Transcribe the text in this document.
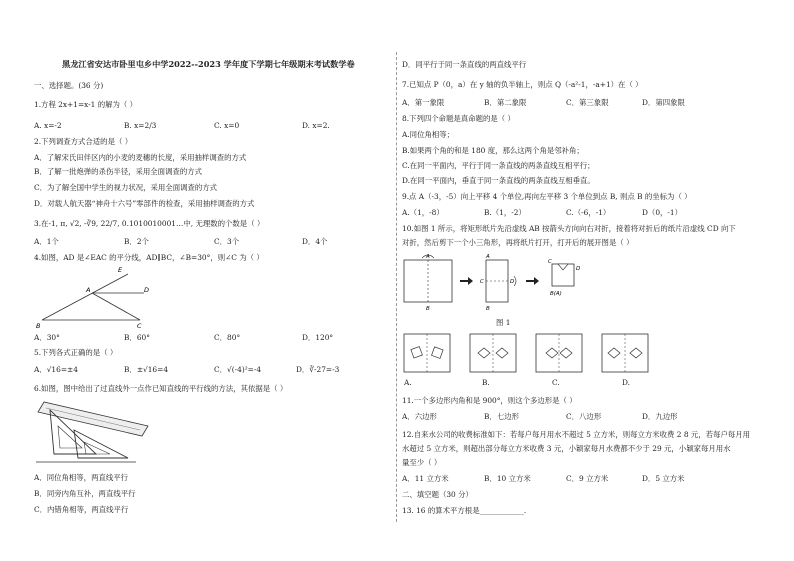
黑龙江省安达市卧里屯乡中学2022--2023 学年度下学期七年级期末考试数学卷
一、选择题。(36 分)
1.方程 2x+1=x-1 的解为（ ）
A. x=-2	B. x=2/3	C. x=0	D. x=2.
2.下列调查方式合适的是（ ）
A．了解宋氏田伴区内的小麦的麦穗的长度，采用抽样调查的方式
B．了解一批炮弹的杀伤半径，采用全面调查的方式
C．为了解全国中学生的视力状况，采用全面调查的方式
D．对载人航天器“神舟十六号”零部件的检查，采用抽样调查的方式
3.在-1, π, √2, -∛9, 22/7, 0.1010010001…中, 无理数的个数是（ ）
A．1个	B．2个	C．3个	D．4个
4.如图，AD 是∠EAC 的平分线，AD∥BC，∠B=30°，则∠C 为（ ）
E
A	D
B	C
A．30°	B．60°	C．80°	D．120°
5.下列各式正确的是（ ）
A．√16=±4	B．±√16=4	C．√(-4)²=-4	D．∛-27=-3
6.如图，图中给出了过直线外一点作已知直线的平行线的方法，其依据是（ ）
A．同位角相等，两直线平行
B．同旁内角互补，两直线平行
C．内错角相等，两直线平行
D．同平行于同一条直线的两直线平行
7.已知点 P（0，a）在 y 轴的负半轴上，则点 Q（-a²-1，-a+1）在（ ）
A．第一象限	B．第二象限	C．第三象限	D．第四象限
8.下列四个命题是真命题的是（ ）
A.同位角相等；
B.如果两个角的和是 180 度，那么这两个角是邻补角；
C.在同一平面内，平行于同一条直线的两条直线互相平行；
D.在同一平面内，垂直于同一条直线的两条直线互相垂直。
9.点 A（-3，-5）向上平移 4 个单位,再向左平移 3 个单位到点 B, 则点 B 的坐标为（ ）
A.（1，-8）	B.（1，-2）	C.（-6，-1）	D（0，-1）
10.如图 1 所示，将矩形纸片先沿虚线 AB 按箭头方向向右对折，接着将对折后的纸片沿虚线 CD 向下
对折，然后剪下一个小三角形，再将纸片打开，打开后的展开图是（ ）
A
B
A
B
C	D
C
D
B(A)
图 1
A.	B.	C.	D.
11.一个多边形内角和是 900°，则这个多边形是（ ）
A．六边形	B．七边形	C．八边形	D．九边形
12.自来水公司的收费标准如下：若每户每月用水不超过 5 立方米，则每立方米收费 2 8 元，若每户每月用
水超过 5 立方米，则超出部分每立方米收费 3 元，小颖家每月水费都不少于 29 元，小颖家每月用水
量至少（ ）
A．11 立方米	B．10 立方米	C．9 立方米	D．5 立方米
二、填空题（30 分）
13. 16 的算术平方根是____________.
